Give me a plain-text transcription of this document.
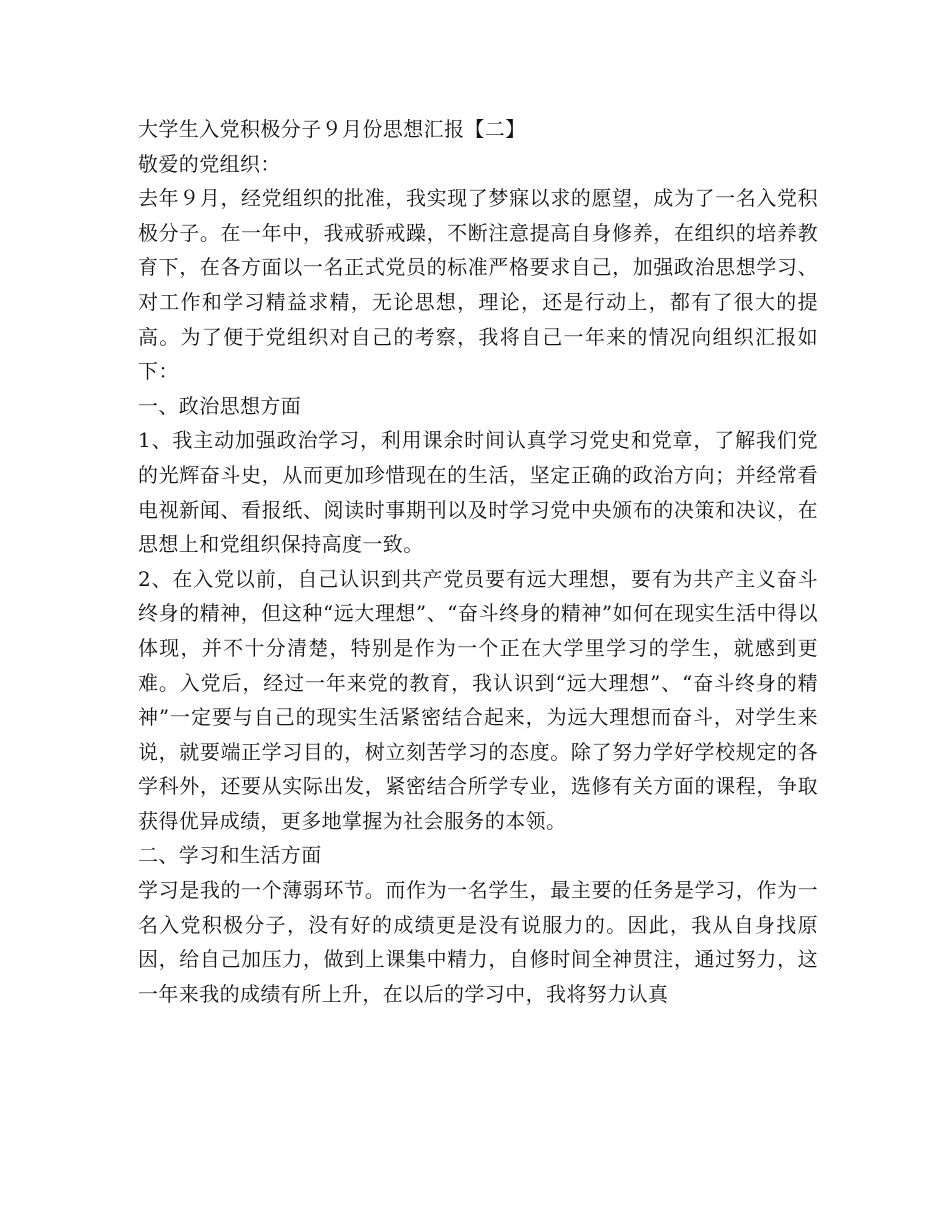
大学生入党积极分子９月份思想汇报【二】

敬爱的党组织：

去年９月，经党组织的批准，我实现了梦寐以求的愿望，成为了一名入党积极分子。在一年中，我戒骄戒躁，不断注意提高自身修养，在组织的培养教育下，在各方面以一名正式党员的标准严格要求自己，加强政治思想学习、对工作和学习精益求精，无论思想，理论，还是行动上，都有了很大的提高。为了便于党组织对自己的考察，我将自己一年来的情况向组织汇报如下：

一、政治思想方面

1、我主动加强政治学习，利用课余时间认真学习党史和党章，了解我们党的光辉奋斗史，从而更加珍惜现在的生活，坚定正确的政治方向；并经常看电视新闻、看报纸、阅读时事期刊以及时学习党中央颁布的决策和决议，在思想上和党组织保持高度一致。

2、在入党以前，自己认识到共产党员要有远大理想，要有为共产主义奋斗终身的精神，但这种“远大理想”、“奋斗终身的精神”如何在现实生活中得以体现，并不十分清楚，特别是作为一个正在大学里学习的学生，就感到更难。入党后，经过一年来党的教育，我认识到“远大理想”、“奋斗终身的精神”一定要与自己的现实生活紧密结合起来，为远大理想而奋斗，对学生来说，就要端正学习目的，树立刻苦学习的态度。除了努力学好学校规定的各学科外，还要从实际出发，紧密结合所学专业，选修有关方面的课程，争取获得优异成绩，更多地掌握为社会服务的本领。

二、学习和生活方面

学习是我的一个薄弱环节。而作为一名学生，最主要的任务是学习，作为一名入党积极分子，没有好的成绩更是没有说服力的。因此，我从自身找原因，给自己加压力，做到上课集中精力，自修时间全神贯注，通过努力，这一年来我的成绩有所上升，在以后的学习中，我将努力认真
